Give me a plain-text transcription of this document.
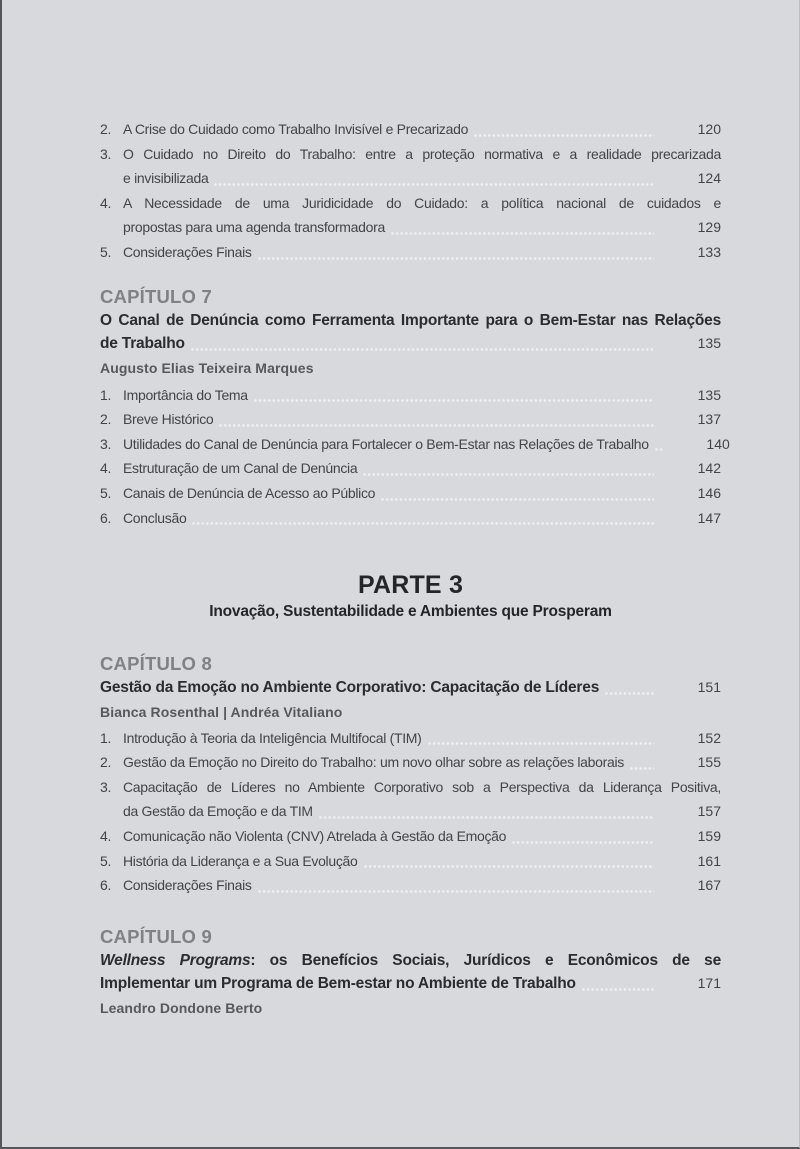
2. A Crise do Cuidado como Trabalho Invisível e Precarizado	120
3. O Cuidado no Direito do Trabalho: entre a proteção normativa e a realidade precarizada
e invisibilizada	124
4. A Necessidade de uma Juridicidade do Cuidado: a política nacional de cuidados e
propostas para uma agenda transformadora	129
5. Considerações Finais	133
CAPÍTULO 7
O Canal de Denúncia como Ferramenta Importante para o Bem-Estar nas Relações
de Trabalho	135
Augusto Elias Teixeira Marques
1. Importância do Tema	135
2. Breve Histórico	137
3. Utilidades do Canal de Denúncia para Fortalecer o Bem-Estar nas Relações de Trabalho	140
4. Estruturação de um Canal de Denúncia	142
5. Canais de Denúncia de Acesso ao Público	146
6. Conclusão	147
PARTE 3
Inovação, Sustentabilidade e Ambientes que Prosperam
CAPÍTULO 8
Gestão da Emoção no Ambiente Corporativo: Capacitação de Líderes	151
Bianca Rosenthal | Andréa Vitaliano
1. Introdução à Teoria da Inteligência Multifocal (TIM)	152
2. Gestão da Emoção no Direito do Trabalho: um novo olhar sobre as relações laborais	155
3. Capacitação de Líderes no Ambiente Corporativo sob a Perspectiva da Liderança Positiva,
da Gestão da Emoção e da TIM	157
4. Comunicação não Violenta (CNV) Atrelada à Gestão da Emoção	159
5. História da Liderança e a Sua Evolução	161
6. Considerações Finais	167
CAPÍTULO 9
Wellness Programs: os Benefícios Sociais, Jurídicos e Econômicos de se
Implementar um Programa de Bem-estar no Ambiente de Trabalho	171
Leandro Dondone Berto
